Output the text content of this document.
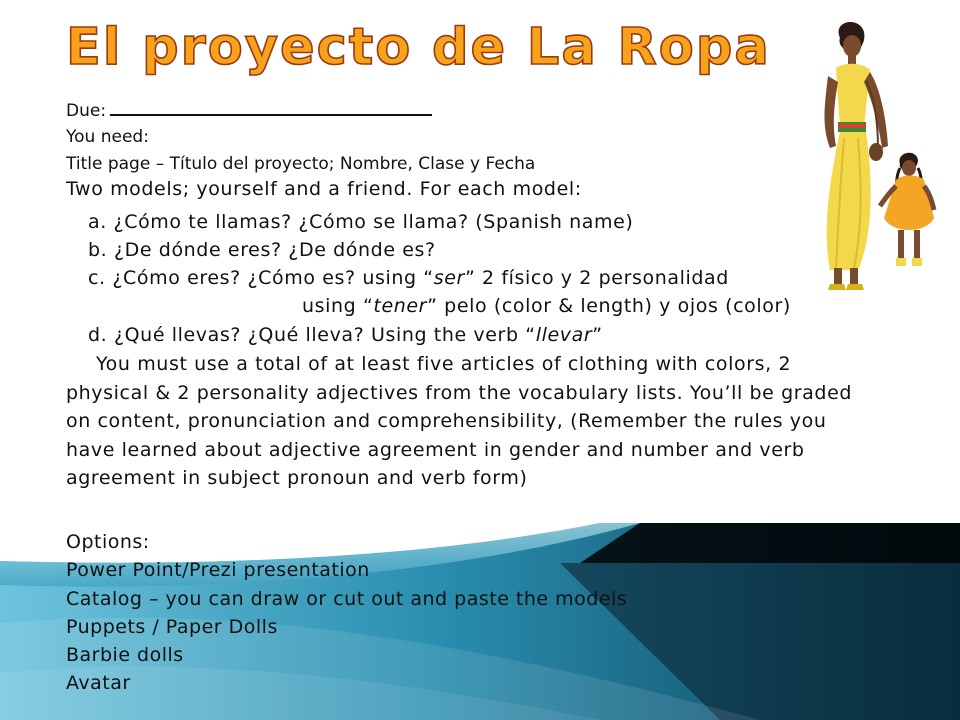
El proyecto de La Ropa
Due:
You need:
Title page – Título del proyecto; Nombre, Clase y Fecha
Two models; yourself and a friend. For each model:
a. ¿Cómo te llamas? ¿Cómo se llama? (Spanish name)
b. ¿De dónde eres? ¿De dónde es?
c. ¿Cómo eres? ¿Cómo es? using “ser” 2 físico y 2 personalidad
using “tener” pelo (color & length) y ojos (color)
d. ¿Qué llevas? ¿Qué lleva? Using the verb “llevar”
You must use a total of at least five articles of clothing with colors, 2 physical & 2 personality adjectives from the vocabulary lists. You’ll be graded on content, pronunciation and comprehensibility, (Remember the rules you have learned about adjective agreement in gender and number and verb agreement in subject pronoun and verb form)
Options:
Power Point/Prezi presentation
Catalog – you can draw or cut out and paste the models
Puppets / Paper Dolls
Barbie dolls
Avatar
